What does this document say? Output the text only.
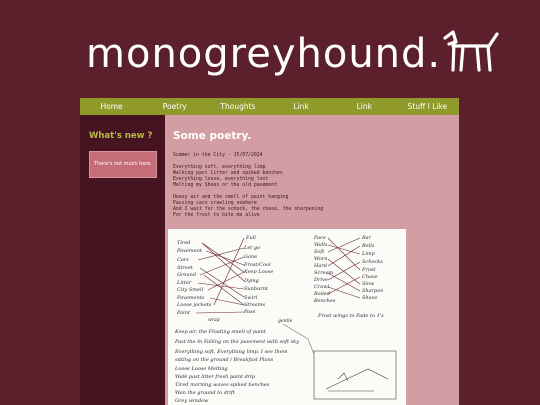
monogreyhound.
Home	Poetry	Thoughts	Link	Link	Stuff I Like
What's new ?
There's not much here.
Some poetry.
Summer in the City - 15/07/2024
Everything soft, everything limp
Walking past litter and spiked benches
Everything loose, everything lost
Melting my Shoes or the old pavement
Heavy air and the smell of paint hanging
Passing cars crawling nowhere
And I wait for the schock, the chase, the sharpening
For the frost to bite me alive
Tired
Pavement
Cars
Street
Ground
Litter
City Smell
Pavements
Loose jackets
Paint
Full
Let go
Gone
Frost/Cool
Keep Loose
Dying
Sunburnt
Swirl
Streams
Pass
Pace
Walls
Soft
Worn
Hard
Scream
Drive
Crawl
Boiled
Benches
Bar
Bells
Limp
Schocks
Frost
Chase
Slow
Sharpen
Shave
Frost wings to Fade to 1's
wrap	gentle
Keep air, the Floating smell of paint
Past the In Falling on the pavement with soft sky
Everything soft, Everything limp, I see them
sitting on the ground / Breakfast Plans
Loose Loose Melting
Walk past litter fresh paint drip
Tired morning waves spiked benches
Wan the ground to drift
Grey window
